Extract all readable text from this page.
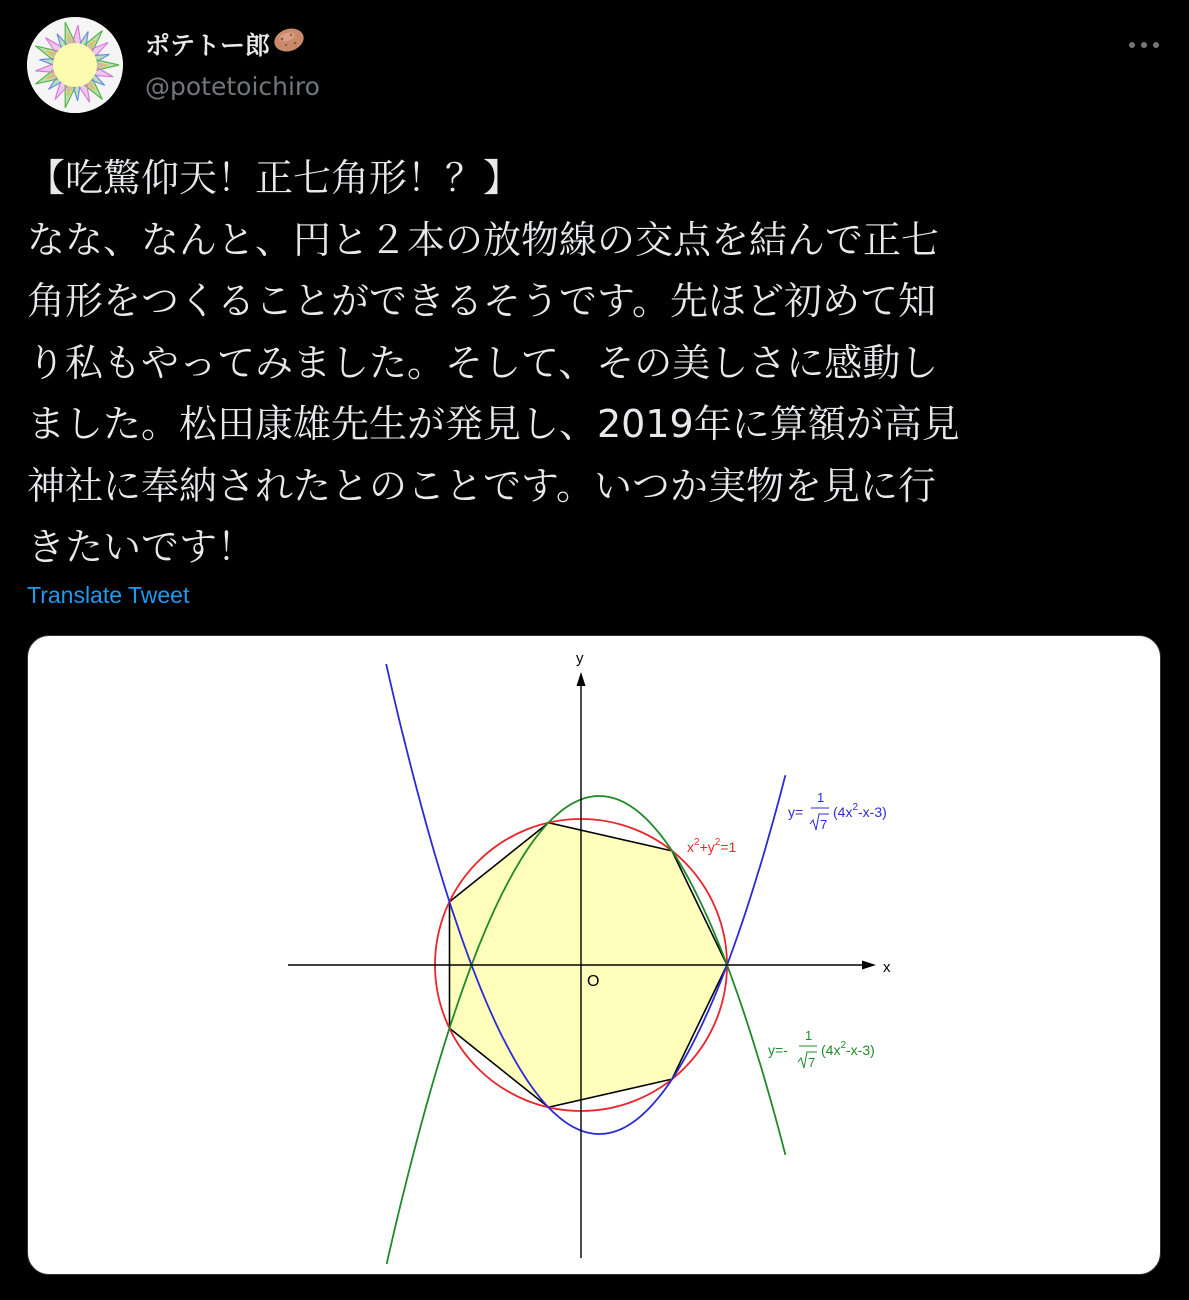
ポテトー郎
@potetoichiro
【吃驚仰天！正七角形！？】
なな、なんと、円と２本の放物線の交点を結んで正七
角形をつくることができるそうです。先ほど初めて知
り私もやってみました。そして、その美しさに感動し
ました。松田康雄先生が発見し、2019年に算額が高見
神社に奉納されたとのことです。いつか実物を見に行
きたいです！
Translate Tweet
x
y
O
$x^2+y^2=1$
y=
1
7
$(4x^2-x-3)$
y=-
1
7
$(4x^2-x-3)$
